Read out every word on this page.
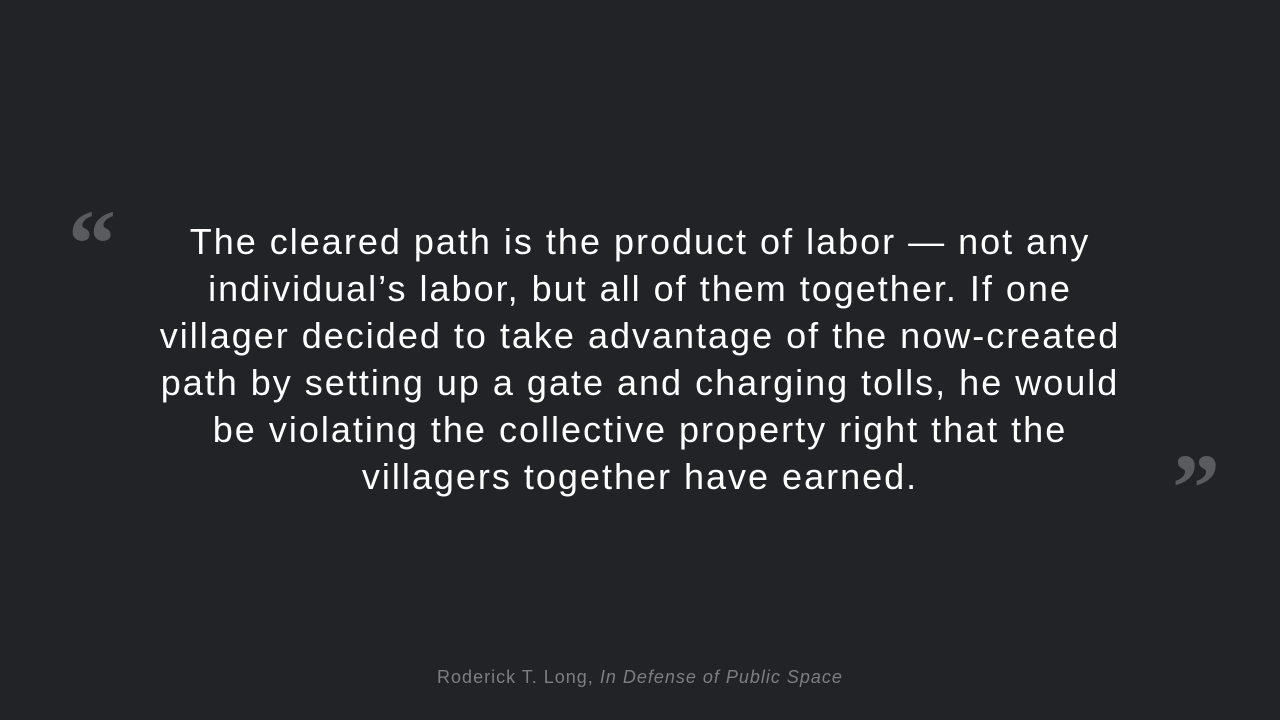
“	The cleared path is the product of labor — not any individual’s labor, but all of them together. If one villager decided to take advantage of the now-created path by setting up a gate and charging tolls, he would be violating the collective property right that the villagers together have earned.	”
Roderick T. Long, In Defense of Public Space
